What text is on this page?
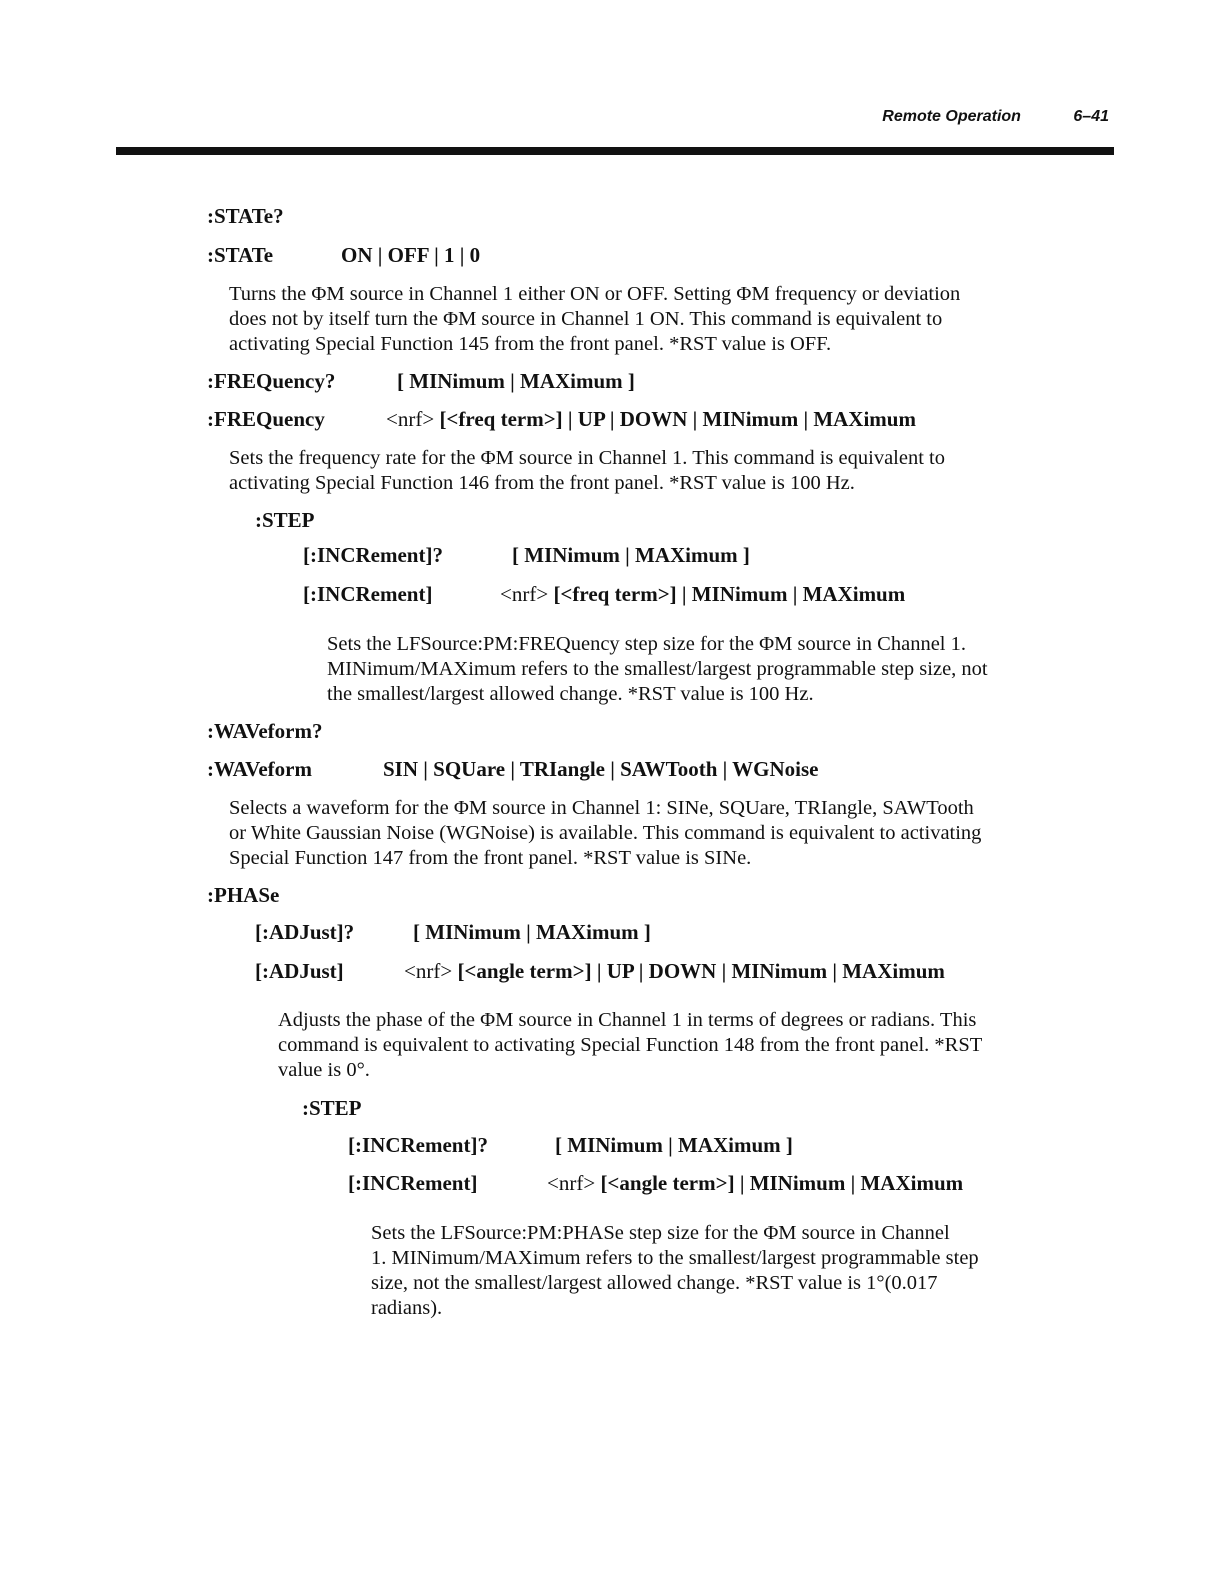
Remote Operation	6–41
:STATe?
:STATe	ON | OFF | 1 | 0
Turns the ΦM source in Channel 1 either ON or OFF. Setting ΦM frequency or deviation
does not by itself turn the ΦM source in Channel 1 ON. This command is equivalent to
activating Special Function 145 from the front panel. *RST value is OFF.
:FREQuency?	[ MINimum | MAXimum ]
:FREQuency	<nrf> [<freq term>] | UP | DOWN | MINimum | MAXimum
Sets the frequency rate for the ΦM source in Channel 1. This command is equivalent to
activating Special Function 146 from the front panel. *RST value is 100 Hz.
:STEP
[:INCRement]?	[ MINimum | MAXimum ]
[:INCRement]	<nrf> [<freq term>] | MINimum | MAXimum
Sets the LFSource:PM:FREQuency step size for the ΦM source in Channel 1.
MINimum/MAXimum refers to the smallest/largest programmable step size, not
the smallest/largest allowed change. *RST value is 100 Hz.
:WAVeform?
:WAVeform	SIN | SQUare | TRIangle | SAWTooth | WGNoise
Selects a waveform for the ΦM source in Channel 1: SINe, SQUare, TRIangle, SAWTooth
or White Gaussian Noise (WGNoise) is available. This command is equivalent to activating
Special Function 147 from the front panel. *RST value is SINe.
:PHASe
[:ADJust]?	[ MINimum | MAXimum ]
[:ADJust]	<nrf> [<angle term>] | UP | DOWN | MINimum | MAXimum
Adjusts the phase of the ΦM source in Channel 1 in terms of degrees or radians. This
command is equivalent to activating Special Function 148 from the front panel. *RST
value is 0°.
:STEP
[:INCRement]?	[ MINimum | MAXimum ]
[:INCRement]	<nrf> [<angle term>] | MINimum | MAXimum
Sets the LFSource:PM:PHASe step size for the ΦM source in Channel
1. MINimum/MAXimum refers to the smallest/largest programmable step
size, not the smallest/largest allowed change. *RST value is 1°(0.017
radians).
